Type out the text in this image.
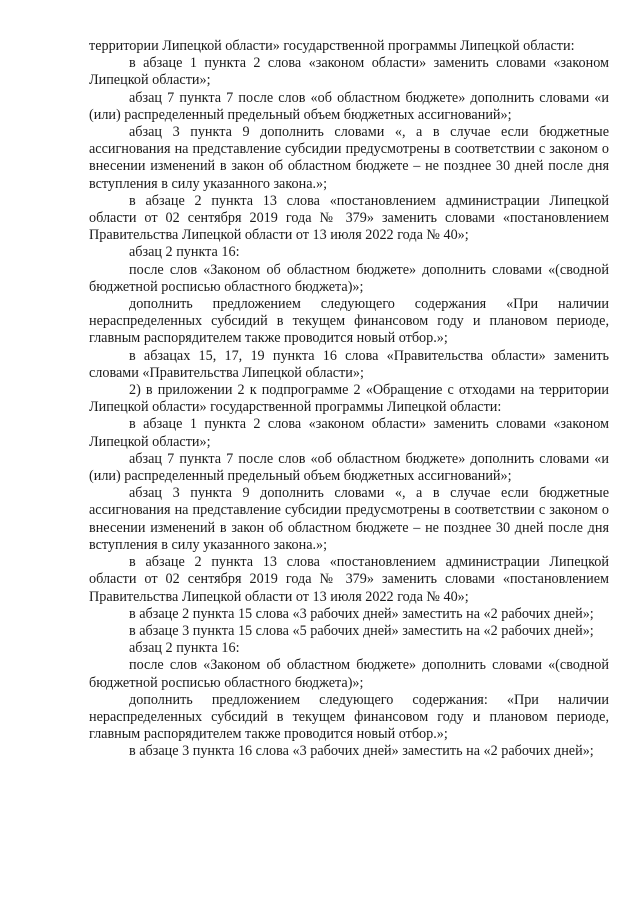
территории Липецкой области» государственной программы Липецкой области:

в абзаце 1 пункта 2 слова «законом области» заменить словами «законом Липецкой области»;

абзац 7 пункта 7 после слов «об областном бюджете» дополнить словами «и (или) распределенный предельный объем бюджетных ассигнований»;

абзац 3 пункта 9 дополнить словами «, а в случае если бюджетные ассигнования на представление субсидии предусмотрены в соответствии с законом о внесении изменений в закон об областном бюджете – не позднее 30 дней после дня вступления в силу указанного закона.»;

в абзаце 2 пункта 13 слова «постановлением администрации Липецкой области от 02 сентября 2019 года № 379» заменить словами «постановлением Правительства Липецкой области от 13 июля 2022 года № 40»;

абзац 2 пункта 16:

после слов «Законом об областном бюджете» дополнить словами «(сводной бюджетной росписью областного бюджета)»;

дополнить предложением следующего содержания «При наличии нераспределенных субсидий в текущем финансовом году и плановом периоде, главным распорядителем также проводится новый отбор.»;

в абзацах 15, 17, 19 пункта 16 слова «Правительства области» заменить словами «Правительства Липецкой области»;

2) в приложении 2 к подпрограмме 2 «Обращение с отходами на территории Липецкой области» государственной программы Липецкой области:

в абзаце 1 пункта 2 слова «законом области» заменить словами «законом Липецкой области»;

абзац 7 пункта 7 после слов «об областном бюджете» дополнить словами «и (или) распределенный предельный объем бюджетных ассигнований»;

абзац 3 пункта 9 дополнить словами «, а в случае если бюджетные ассигнования на представление субсидии предусмотрены в соответствии с законом о внесении изменений в закон об областном бюджете – не позднее 30 дней после дня вступления в силу указанного закона.»;

в абзаце 2 пункта 13 слова «постановлением администрации Липецкой области от 02 сентября 2019 года № 379» заменить словами «постановлением Правительства Липецкой области от 13 июля 2022 года № 40»;

в абзаце 2 пункта 15 слова «3 рабочих дней» заместить на «2 рабочих дней»;

в абзаце 3 пункта 15 слова «5 рабочих дней» заместить на «2 рабочих дней»;

абзац 2 пункта 16:

после слов «Законом об областном бюджете» дополнить словами «(сводной бюджетной росписью областного бюджета)»;

дополнить предложением следующего содержания: «При наличии нераспределенных субсидий в текущем финансовом году и плановом периоде, главным распорядителем также проводится новый отбор.»;

в абзаце 3 пункта 16 слова «3 рабочих дней» заместить на «2 рабочих дней»;
